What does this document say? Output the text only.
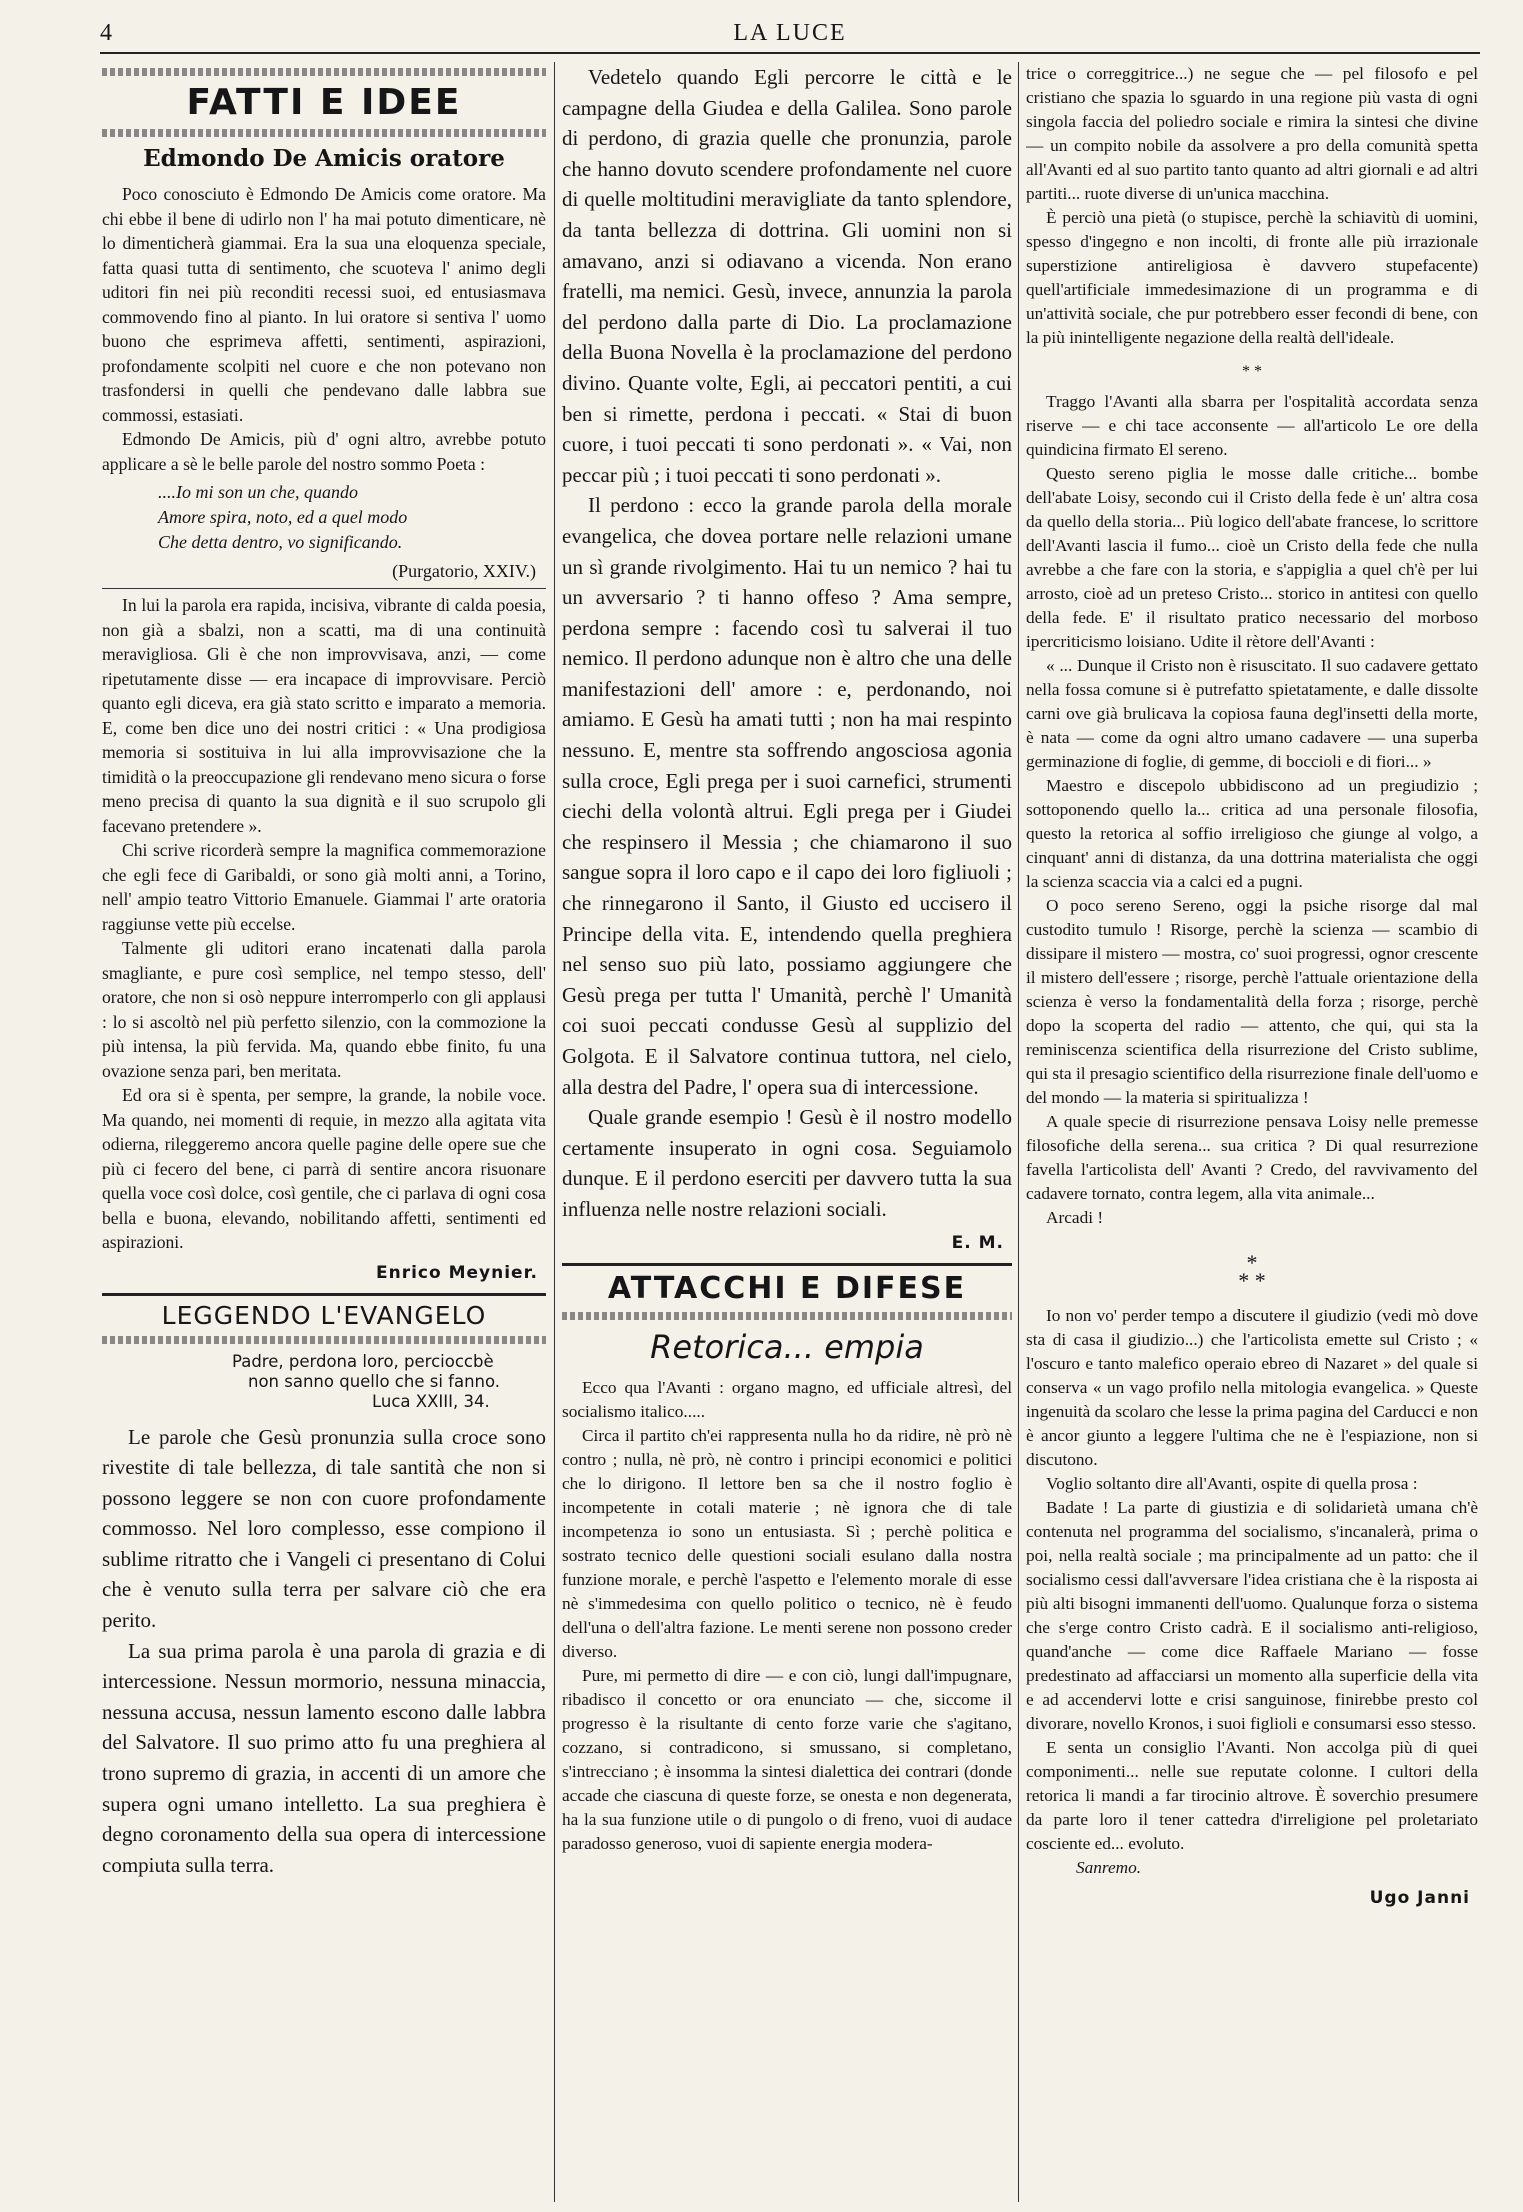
4	LA LUCE
FATTI E IDEE
Edmondo De Amicis oratore

Poco conosciuto è Edmondo De Amicis come oratore. Ma chi ebbe il bene di udirlo non l' ha mai potuto dimenticare, nè lo dimenticherà giammai. Era la sua una eloquenza speciale, fatta quasi tutta di sentimento, che scuoteva l' animo degli uditori fin nei più reconditi recessi suoi, ed entusiasmava commovendo fino al pianto. In lui oratore si sentiva l' uomo buono che esprimeva affetti, sentimenti, aspirazioni, profondamente scolpiti nel cuore e che non potevano non trasfondersi in quelli che pendevano dalle labbra sue commossi, estasiati.

Edmondo De Amicis, più d' ogni altro, avrebbe potuto applicare a sè le belle parole del nostro sommo Poeta :

....Io mi son un che, quando
Amore spira, noto, ed a quel modo
Che detta dentro, vo significando.
(Purgatorio, XXIV.)

In lui la parola era rapida, incisiva, vibrante di calda poesia, non già a sbalzi, non a scatti, ma di una continuità meravigliosa. Gli è che non improvvisava, anzi, — come ripetutamente disse — era incapace di improvvisare. Perciò quanto egli diceva, era già stato scritto e imparato a memoria. E, come ben dice uno dei nostri critici : « Una prodigiosa memoria si sostituiva in lui alla improvvisazione che la timidità o la preoccupazione gli rendevano meno sicura o forse meno precisa di quanto la sua dignità e il suo scrupolo gli facevano pretendere ».

Chi scrive ricorderà sempre la magnifica commemorazione che egli fece di Garibaldi, or sono già molti anni, a Torino, nell' ampio teatro Vittorio Emanuele. Giammai l' arte oratoria raggiunse vette più eccelse.

Talmente gli uditori erano incatenati dalla parola smagliante, e pure così semplice, nel tempo stesso, dell' oratore, che non si osò neppure interromperlo con gli applausi : lo si ascoltò nel più perfetto silenzio, con la commozione la più intensa, la più fervida. Ma, quando ebbe finito, fu una ovazione senza pari, ben meritata.

Ed ora si è spenta, per sempre, la grande, la nobile voce. Ma quando, nei momenti di requie, in mezzo alla agitata vita odierna, rileggeremo ancora quelle pagine delle opere sue che più ci fecero del bene, ci parrà di sentire ancora risuonare quella voce così dolce, così gentile, che ci parlava di ogni cosa bella e buona, elevando, nobilitando affetti, sentimenti ed aspirazioni.

Enrico Meynier.
LEGGENDO L'EVANGELO
Padre, perdona loro, percioccbè
non sanno quello che si fanno.
Luca XXIII, 34.

Le parole che Gesù pronunzia sulla croce sono rivestite di tale bellezza, di tale santità che non si possono leggere se non con cuore profondamente commosso. Nel loro complesso, esse compiono il sublime ritratto che i Vangeli ci presentano di Colui che è venuto sulla terra per salvare ciò che era perito.

La sua prima parola è una parola di grazia e di intercessione. Nessun mormorio, nessuna minaccia, nessuna accusa, nessun lamento escono dalle labbra del Salvatore. Il suo primo atto fu una preghiera al trono supremo di grazia, in accenti di un amore che supera ogni umano intelletto. La sua preghiera è degno coronamento della sua opera di intercessione compiuta sulla terra.

Vedetelo quando Egli percorre le città e le campagne della Giudea e della Galilea. Sono parole di perdono, di grazia quelle che pronunzia, parole che hanno dovuto scendere profondamente nel cuore di quelle moltitudini meravigliate da tanto splendore, da tanta bellezza di dottrina. Gli uomini non si amavano, anzi si odiavano a vicenda. Non erano fratelli, ma nemici. Gesù, invece, annunzia la parola del perdono dalla parte di Dio. La proclamazione della Buona Novella è la proclamazione del perdono divino. Quante volte, Egli, ai peccatori pentiti, a cui ben si rimette, perdona i peccati. « Stai di buon cuore, i tuoi peccati ti sono perdonati ». « Vai, non peccar più ; i tuoi peccati ti sono perdonati ».

Il perdono : ecco la grande parola della morale evangelica, che dovea portare nelle relazioni umane un sì grande rivolgimento. Hai tu un nemico ? hai tu un avversario ? ti hanno offeso ? Ama sempre, perdona sempre : facendo così tu salverai il tuo nemico. Il perdono adunque non è altro che una delle manifestazioni dell' amore : e, perdonando, noi amiamo. E Gesù ha amati tutti ; non ha mai respinto nessuno. E, mentre sta soffrendo angosciosa agonia sulla croce, Egli prega per i suoi carnefici, strumenti ciechi della volontà altrui. Egli prega per i Giudei che respinsero il Messia ; che chiamarono il suo sangue sopra il loro capo e il capo dei loro figliuoli ; che rinnegarono il Santo, il Giusto ed uccisero il Principe della vita. E, intendendo quella preghiera nel senso suo più lato, possiamo aggiungere che Gesù prega per tutta l' Umanità, perchè l' Umanità coi suoi peccati condusse Gesù al supplizio del Golgota. E il Salvatore continua tuttora, nel cielo, alla destra del Padre, l' opera sua di intercessione.

Quale grande esempio ! Gesù è il nostro modello certamente insuperato in ogni cosa. Seguiamolo dunque. E il perdono eserciti per davvero tutta la sua influenza nelle nostre relazioni sociali.

E. M.
ATTACCHI E DIFESE
Retorica... empia

Ecco qua l'Avanti : organo magno, ed ufficiale altresì, del socialismo italico.....

Circa il partito ch'ei rappresenta nulla ho da ridire, nè prò nè contro ; nulla, nè prò, nè contro i principi economici e politici che lo dirigono. Il lettore ben sa che il nostro foglio è incompetente in cotali materie ; nè ignora che di tale incompetenza io sono un entusiasta. Sì ; perchè politica e sostrato tecnico delle questioni sociali esulano dalla nostra funzione morale, e perchè l'aspetto e l'elemento morale di esse nè s'immedesima con quello politico o tecnico, nè è feudo dell'una o dell'altra fazione. Le menti serene non possono creder diverso.

Pure, mi permetto di dire — e con ciò, lungi dall'impugnare, ribadisco il concetto or ora enunciato — che, siccome il progresso è la risultante di cento forze varie che s'agitano, cozzano, si contradicono, si smussano, si completano, s'intrecciano ; è insomma la sintesi dialettica dei contrari (donde accade che ciascuna di queste forze, se onesta e non degenerata, ha la sua funzione utile o di pungolo o di freno, vuoi di audace paradosso generoso, vuoi di sapiente energia modera-

trice o correggitrice...) ne segue che — pel filosofo e pel cristiano che spazia lo sguardo in una regione più vasta di ogni singola faccia del poliedro sociale e rimira la sintesi che divine — un compito nobile da assolvere a pro della comunità spetta all'Avanti ed al suo partito tanto quanto ad altri giornali e ad altri partiti... ruote diverse di un'unica macchina.

È perciò una pietà (o stupisce, perchè la schiavitù di uomini, spesso d'ingegno e non incolti, di fronte alle più irrazionale superstizione antireligiosa è davvero stupefacente) quell'artificiale immedesimazione di un programma e di un'attività sociale, che pur potrebbero esser fecondi di bene, con la più inintelligente negazione della realtà dell'ideale.

* *

Traggo l'Avanti alla sbarra per l'ospitalità accordata senza riserve — e chi tace acconsente — all'articolo Le ore della quindicina firmato El sereno.

Questo sereno piglia le mosse dalle critiche... bombe dell'abate Loisy, secondo cui il Cristo della fede è un' altra cosa da quello della storia... Più logico dell'abate francese, lo scrittore dell'Avanti lascia il fumo... cioè un Cristo della fede che nulla avrebbe a che fare con la storia, e s'appiglia a quel ch'è per lui arrosto, cioè ad un preteso Cristo... storico in antitesi con quello della fede. E' il risultato pratico necessario del morboso ipercriticismo loisiano. Udite il rètore dell'Avanti :

« ... Dunque il Cristo non è risuscitato. Il suo cadavere gettato nella fossa comune si è putrefatto spietatamente, e dalle dissolte carni ove già brulicava la copiosa fauna degl'insetti della morte, è nata — come da ogni altro umano cadavere — una superba germinazione di foglie, di gemme, di boccioli e di fiori... »

Maestro e discepolo ubbidiscono ad un pregiudizio ; sottoponendo quello la... critica ad una personale filosofia, questo la retorica al soffio irreligioso che giunge al volgo, a cinquant' anni di distanza, da una dottrina materialista che oggi la scienza scaccia via a calci ed a pugni.

O poco sereno Sereno, oggi la psiche risorge dal mal custodito tumulo ! Risorge, perchè la scienza — scambio di dissipare il mistero — mostra, co' suoi progressi, ognor crescente il mistero dell'essere ; risorge, perchè l'attuale orientazione della scienza è verso la fondamentalità della forza ; risorge, perchè dopo la scoperta del radio — attento, che qui, qui sta la reminiscenza scientifica della risurrezione del Cristo sublime, qui sta il presagio scientifico della risurrezione finale dell'uomo e del mondo — la materia si spiritualizza !

A quale specie di risurrezione pensava Loisy nelle premesse filosofiche della serena... sua critica ? Di qual resurrezione favella l'articolista dell' Avanti ? Credo, del ravvivamento del cadavere tornato, contra legem, alla vita animale...

Arcadi !

*
* *

Io non vo' perder tempo a discutere il giudizio (vedi mò dove sta di casa il giudizio...) che l'articolista emette sul Cristo ; « l'oscuro e tanto malefico operaio ebreo di Nazaret » del quale si conserva « un vago profilo nella mitologia evangelica. » Queste ingenuità da scolaro che lesse la prima pagina del Carducci e non è ancor giunto a leggere l'ultima che ne è l'espiazione, non si discutono.

Voglio soltanto dire all'Avanti, ospite di quella prosa :

Badate ! La parte di giustizia e di solidarietà umana ch'è contenuta nel programma del socialismo, s'incanalerà, prima o poi, nella realtà sociale ; ma principalmente ad un patto: che il socialismo cessi dall'avversare l'idea cristiana che è la risposta ai più alti bisogni immanenti dell'uomo. Qualunque forza o sistema che s'erge contro Cristo cadrà. E il socialismo anti-religioso, quand'anche — come dice Raffaele Mariano — fosse predestinato ad affacciarsi un momento alla superficie della vita e ad accendervi lotte e crisi sanguinose, finirebbe presto col divorare, novello Kronos, i suoi figlioli e consumarsi esso stesso.

E senta un consiglio l'Avanti. Non accolga più di quei componimenti... nelle sue reputate colonne. I cultori della retorica li mandi a far tirocinio altrove. È soverchio presumere da parte loro il tener cattedra d'irreligione pel proletariato cosciente ed... evoluto.

Sanremo.

Ugo Janni
